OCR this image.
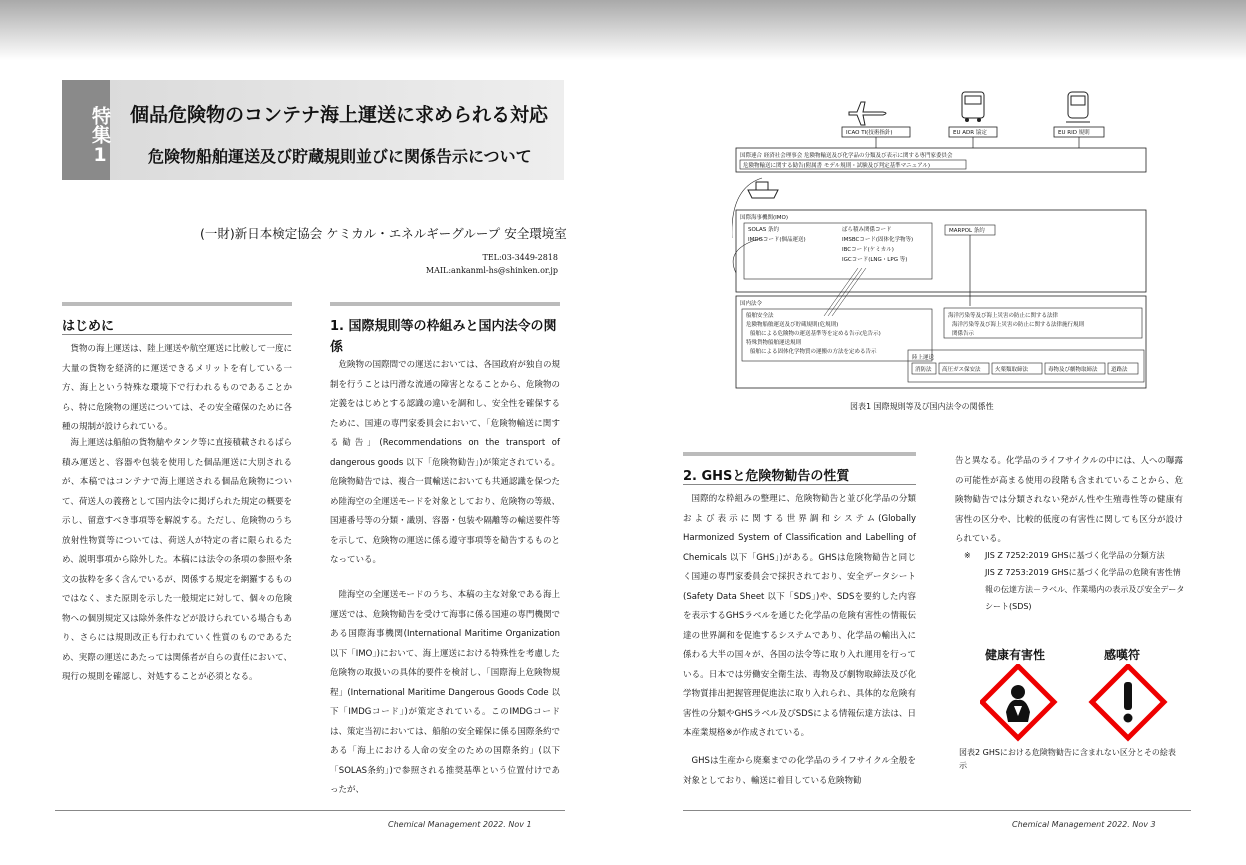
特集1 個品危険物のコンテナ海上運送に求められる対応
危険物船舶運送及び貯蔵規則並びに関係告示について
(一財)新日本検定協会 ケミカル・エネルギーグループ 安全環境室
TEL:03-3449-2818
MAIL:ankanml-hs@shinken.or.jp
はじめに
貨物の海上運送は、陸上運送や航空運送に比較して一度に大量の貨物を経済的に運送できるメリットを有している一方、海上という特殊な環境下で行われるものであることから、特に危険物の運送については、その安全確保のために各種の規制が設けられている。
海上運送は船舶の貨物艙やタンク等に直接積載されるばら積み運送と、容器や包装を使用した個品運送に大別されるが、本稿ではコンテナで海上運送される個品危険物について、荷送人の義務として国内法令に掲げられた規定の概要を示し、留意すべき事項等を解説する。ただし、危険物のうち放射性物質等については、荷送人が特定の者に限られるため、説明事項から除外した。本稿には法令の条項の参照や条文の抜粋を多く含んでいるが、関係する規定を網羅するものではなく、また原則を示した一般規定に対して、個々の危険物への個別規定又は除外条件などが設けられている場合もあり、さらには規則改正も行われていく性質のものであるため、実際の運送にあたっては関係者が自らの責任において、現行の規則を確認し、対処することが必須となる。
1. 国際規則等の枠組みと国内法令の関係
危険物の国際間での運送においては、各国政府が独自の規制を行うことは円滑な流通の障害となることから、危険物の定義をはじめとする認識の違いを調和し、安全性を確保するために、国連の専門家委員会において、「危険物輸送に関する勧告」(Recommendations on the transport of dangerous goods 以下「危険物勧告」)が策定されている。危険物勧告では、複合一貫輸送においても共通認識を保つため陸海空の全運送モードを対象としており、危険物の等級、国連番号等の分類・識別、容器・包装や隔離等の輸送要件等を示して、危険物の運送に係る遵守事項等を勧告するものとなっている。
陸海空の全運送モードのうち、本稿の主な対象である海上運送では、危険物勧告を受けて海事に係る国連の専門機関である国際海事機関(International Maritime Organization 以下「IMO」)において、海上運送における特殊性を考慮した危険物の取扱いの具体的要件を検討し、「国際海上危険物規程」(International Maritime Dangerous Goods Code 以下「IMDGコード」)が策定されている。このIMDGコードは、策定当初においては、船舶の安全確保に係る国際条約である「海上における人命の安全のための国際条約」(以下「SOLAS条約」)で参照される推奨基準という位置付けであったが、
Chemical Management 2022. Nov 1
ICAO TI(技術指針)	EU ADR 協定	EU RID 規則
国際連合 経済社会理事会 危険物輸送及び化学品の分類及び表示に関する専門家委員会
危険物輸送に関する勧告(附属書 モデル規則・試験及び判定基準マニュアル)
国際海事機関(IMO)
SOLAS 条約
IMDGコード(個品運送)
ばら積み関係コード
IMSBCコード(固体化学物等)
IBCコード(ケミカル)
IGCコード(LNG・LPG 等)
MARPOL 条約
国内法令
船舶安全法
危険物船舶運送及び貯蔵規則(危規則)
船舶による危険物の運送基準等を定める告示(危告示)
特殊貨物船舶運送規則
船舶による固体化学物質の運搬の方法を定める告示
海洋汚染等及び海上災害の防止に関する法律
海洋汚染等及び海上災害の防止に関する法律施行規則
関係告示
陸上運送
消防法 高圧ガス保安法	火薬類取締法	毒物及び劇物取締法 道路法
図表1 国際規則等及び国内法令の関係性
2. GHSと危険物勧告の性質
国際的な枠組みの整理に、危険物勧告と並び化学品の分類および表示に関する世界調和システム(Globally Harmonized System of Classification and Labelling of Chemicals 以下「GHS」)がある。GHSは危険物勧告と同じく国連の専門家委員会で採択されており、安全データシート(Safety Data Sheet 以下「SDS」)や、SDSを要約した内容を表示するGHSラベルを通じた化学品の危険有害性の情報伝達の世界調和を促進するシステムであり、化学品の輸出入に係わる大半の国々が、各国の法令等に取り入れ運用を行っている。日本では労働安全衛生法、毒物及び劇物取締法及び化学物質排出把握管理促進法に取り入れられ、具体的な危険有害性の分類やGHSラベル及びSDSによる情報伝達方法は、日本産業規格※が作成されている。
GHSは生産から廃棄までの化学品のライフサイクル全般を対象としており、輸送に着目している危険物勧
告と異なる。化学品のライフサイクルの中には、人への曝露の可能性が高まる使用の段階も含まれていることから、危険物勧告では分類されない発がん性や生殖毒性等の健康有害性の区分や、比較的低度の有害性に関しても区分が設けられている。
※ JIS Z 7252:2019 GHSに基づく化学品の分類方法
JIS Z 7253:2019 GHSに基づく化学品の危険有害性情報の伝達方法－ラベル、作業場内の表示及び安全データシート(SDS)
健康有害性	感嘆符
図表2 GHSにおける危険物勧告に含まれない区分とその絵表示
Chemical Management 2022. Nov 3
